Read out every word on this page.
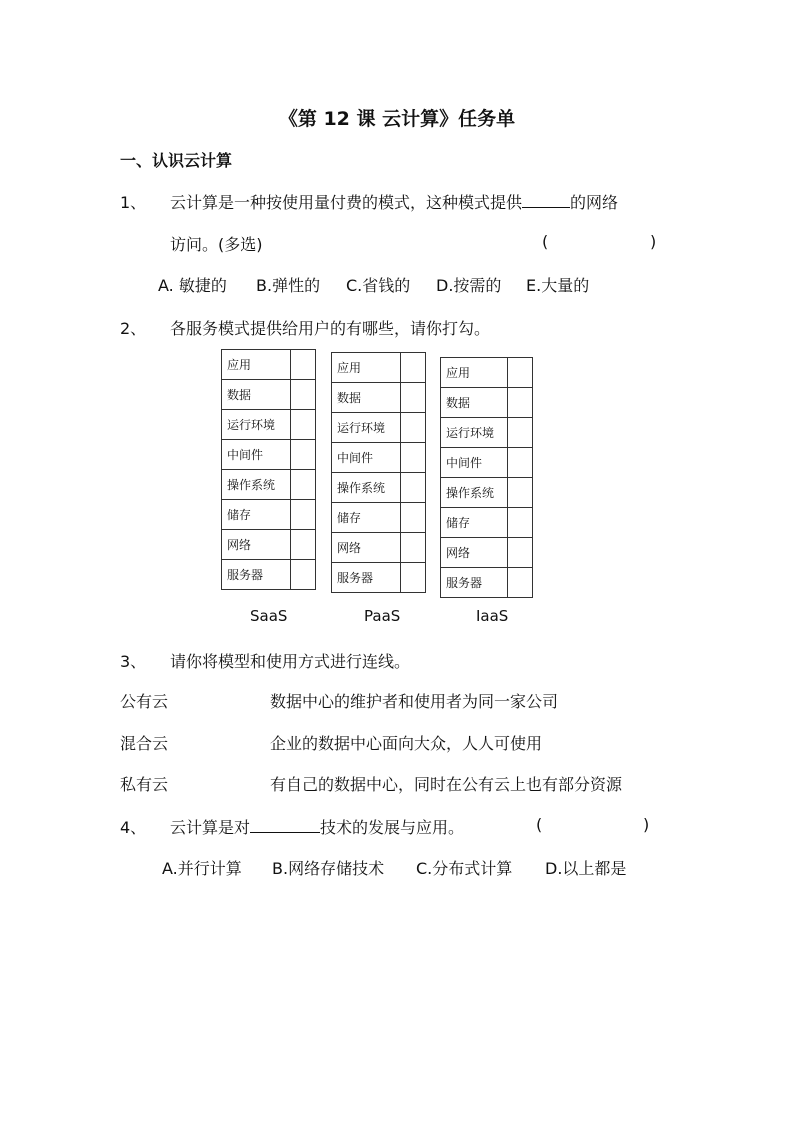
《第 12 课 云计算》任务单
一、认识云计算
1、 云计算是一种按使用量付费的模式，这种模式提供	的网络
访问。(多选)	(	)
A. 敏捷的 B.弹性的 C.省钱的 D.按需的 E.大量的
2、 各服务模式提供给用户的有哪些，请你打勾。
应用	
数据	
运行环境	
中间件	
操作系统	
储存	
网络	
服务器	
应用	
数据	
运行环境	
中间件	
操作系统	
储存	
网络	
服务器	
应用	
数据	
运行环境	
中间件	
操作系统	
储存	
网络	
服务器	
SaaS	PaaS	IaaS
3、 请你将模型和使用方式进行连线。
公有云
混合云
私有云
数据中心的维护者和使用者为同一家公司
企业的数据中心面向大众，人人可使用
有自己的数据中心，同时在公有云上也有部分资源
4、 云计算是对	技术的发展与应用。	(	)
A.并行计算 B.网络存储技术 C.分布式计算 D.以上都是
